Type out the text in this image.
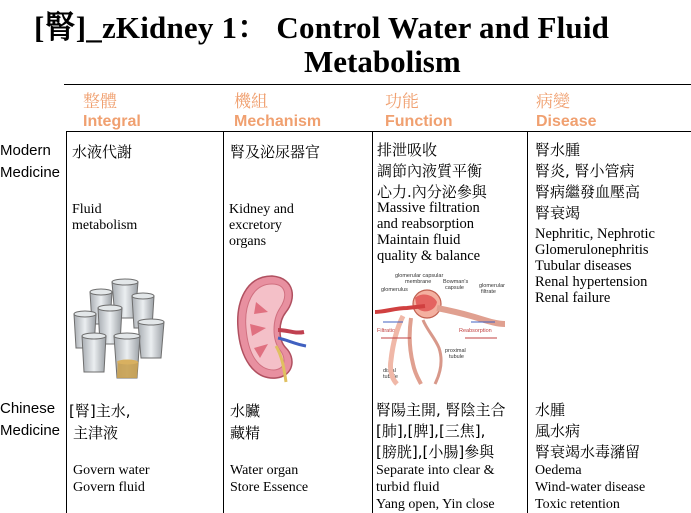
[腎]_zKidney 1： Control Water and Fluid
Metabolism
整體
Integral
機組
Mechanism
功能
Function
病變
Disease
Modern
Medicine
Chinese
Medicine
水液代謝
Fluid
metabolism
腎及泌尿器官
Kidney and
excretory
organs
排泄吸收
調節內液質平衡
心力.內分泌參與
Massive filtration
and reabsorption
Maintain fluid
quality & balance
腎水腫
腎炎, 腎小管病
腎病繼發血壓高
腎衰竭
Nephritic, Nephrotic
Glomerulonephritis
Tubular diseases
Renal hypertension
Renal failure
glomerular capsular
membrane Bowman's
capsule
glomerulus
glomerular
filtrate
Filtration	Reabsorption
proximal
tubule
distal
tubule
[腎]主水,
主津液
Govern water
Govern fluid
水臟
藏精
Water organ
Store Essence
腎陽主開, 腎陰主合
[肺],[脾],[三焦],
[膀胱],[小腸]參與
Separate into clear &
turbid fluid
Yang open, Yin close
水腫
風水病
腎衰竭水毒瀦留
Oedema
Wind-water disease
Toxic retention
